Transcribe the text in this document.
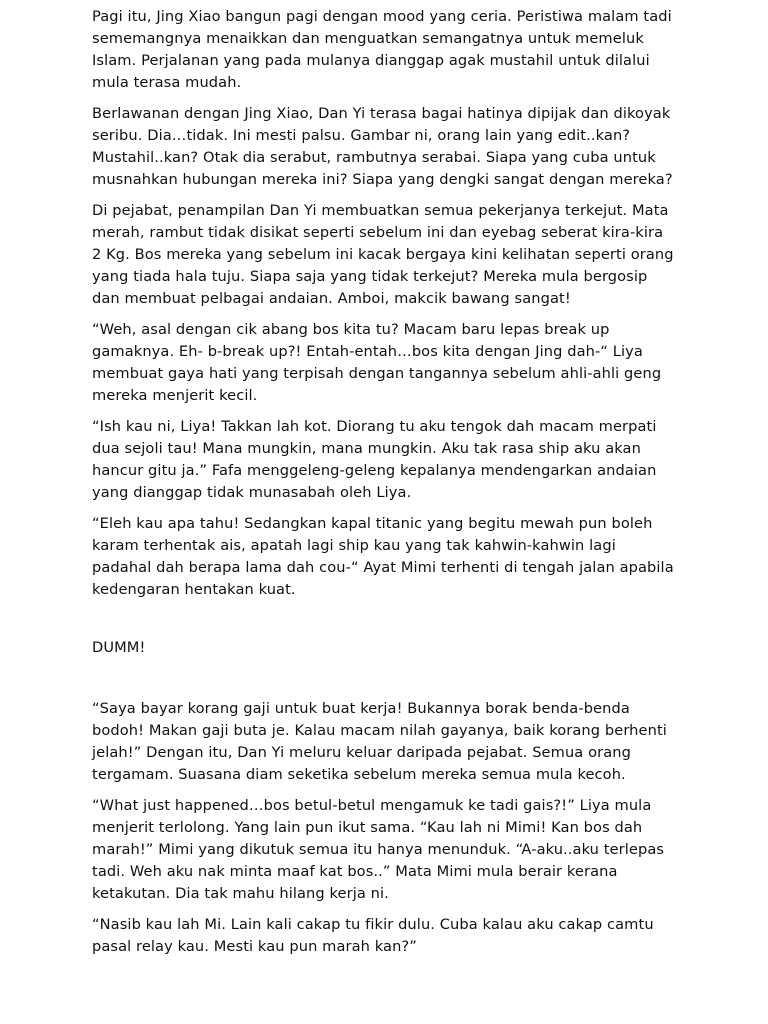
Pagi itu, Jing Xiao bangun pagi dengan mood yang ceria. Peristiwa malam tadi sememangnya menaikkan dan menguatkan semangatnya untuk memeluk Islam. Perjalanan yang pada mulanya dianggap agak mustahil untuk dilalui mula terasa mudah.

Berlawanan dengan Jing Xiao, Dan Yi terasa bagai hatinya dipijak dan dikoyak seribu. Dia…tidak. Ini mesti palsu. Gambar ni, orang lain yang edit..kan? Mustahil..kan? Otak dia serabut, rambutnya serabai. Siapa yang cuba untuk musnahkan hubungan mereka ini? Siapa yang dengki sangat dengan mereka?

Di pejabat, penampilan Dan Yi membuatkan semua pekerjanya terkejut. Mata merah, rambut tidak disikat seperti sebelum ini dan eyebag seberat kira-kira 2 Kg. Bos mereka yang sebelum ini kacak bergaya kini kelihatan seperti orang yang tiada hala tuju. Siapa saja yang tidak terkejut? Mereka mula bergosip dan membuat pelbagai andaian. Amboi, makcik bawang sangat!

“Weh, asal dengan cik abang bos kita tu? Macam baru lepas break up gamaknya. Eh- b-break up?! Entah-entah…bos kita dengan Jing dah-“ Liya membuat gaya hati yang terpisah dengan tangannya sebelum ahli-ahli geng mereka menjerit kecil.

“Ish kau ni, Liya! Takkan lah kot. Diorang tu aku tengok dah macam merpati dua sejoli tau! Mana mungkin, mana mungkin. Aku tak rasa ship aku akan hancur gitu ja.” Fafa menggeleng-geleng kepalanya mendengarkan andaian yang dianggap tidak munasabah oleh Liya.

“Eleh kau apa tahu! Sedangkan kapal titanic yang begitu mewah pun boleh karam terhentak ais, apatah lagi ship kau yang tak kahwin-kahwin lagi padahal dah berapa lama dah cou-“ Ayat Mimi terhenti di tengah jalan apabila kedengaran hentakan kuat.

DUMM!

“Saya bayar korang gaji untuk buat kerja! Bukannya borak benda-benda bodoh! Makan gaji buta je. Kalau macam nilah gayanya, baik korang berhenti jelah!” Dengan itu, Dan Yi meluru keluar daripada pejabat. Semua orang tergamam. Suasana diam seketika sebelum mereka semua mula kecoh.

“What just happened…bos betul-betul mengamuk ke tadi gais?!” Liya mula menjerit terlolong. Yang lain pun ikut sama. “Kau lah ni Mimi! Kan bos dah marah!” Mimi yang dikutuk semua itu hanya menunduk. “A-aku..aku terlepas tadi. Weh aku nak minta maaf kat bos..” Mata Mimi mula berair kerana ketakutan. Dia tak mahu hilang kerja ni.

“Nasib kau lah Mi. Lain kali cakap tu fikir dulu. Cuba kalau aku cakap camtu pasal relay kau. Mesti kau pun marah kan?”
